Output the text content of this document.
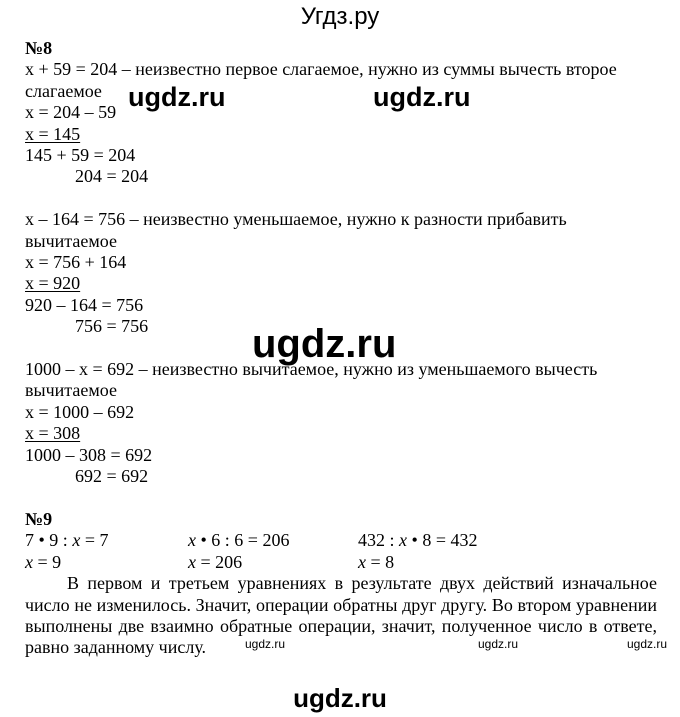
Угдз.ру
№8
x + 59 = 204 – неизвестно первое слагаемое, нужно из суммы вычесть второе
слагаемое
x = 204 – 59
x = 145
145 + 59 = 204
204 = 204
x – 164 = 756 – неизвестно уменьшаемое, нужно к разности прибавить
вычитаемое
x = 756 + 164
x = 920
920 – 164 = 756
756 = 756
1000 – x = 692 – неизвестно вычитаемое, нужно из уменьшаемого вычесть
вычитаемое
x = 1000 – 692
x = 308
1000 – 308 = 692
692 = 692
№9
7 • 9 : x = 7	x • 6 : 6 = 206	432 : x • 8 = 432
x = 9	x = 206	x = 8
В первом и третьем уравнениях в результате двух действий изначальное число не изменилось. Значит, операции обратны друг другу. Во втором уравнении выполнены две взаимно обратные операции, значит, полученное число в ответе, равно заданному числу.
ugdz.ru	ugdz.ru
ugdz.ru
ugdz.ru	ugdz.ru	ugdz.ru
ugdz.ru
